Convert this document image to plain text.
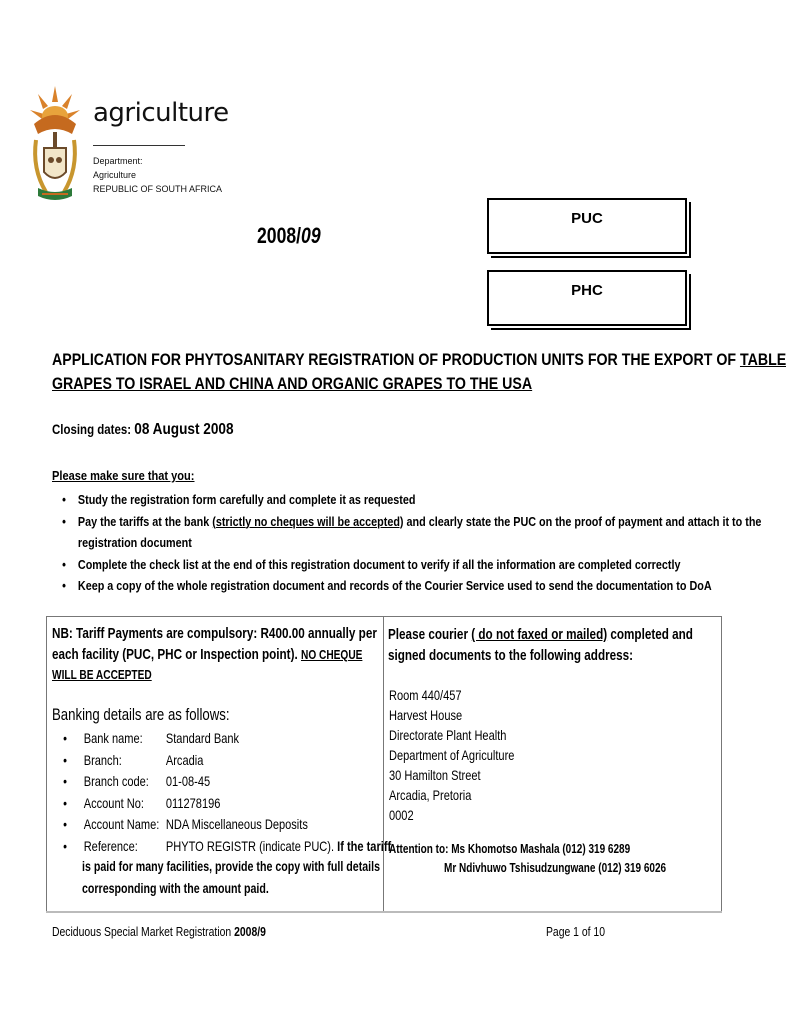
agriculture
Department:
Agriculture
REPUBLIC OF SOUTH AFRICA
2008/09
PUC
PHC
APPLICATION FOR PHYTOSANITARY REGISTRATION OF PRODUCTION UNITS FOR THE EXPORT OF TABLE
GRAPES TO ISRAEL AND CHINA AND ORGANIC GRAPES TO THE USA
Closing dates: 08 August 2008
Please make sure that you:
• Study the registration form carefully and complete it as requested
• Pay the tariffs at the bank (strictly no cheques will be accepted) and clearly state the PUC on the proof of payment and attach it to the
registration document
• Complete the check list at the end of this registration document to verify if all the information are completed correctly
• Keep a copy of the whole registration document and records of the Courier Service used to send the documentation to DoA
NB: Tariff Payments are compulsory: R400.00 annually per each facility (PUC, PHC or Inspection point). NO CHEQUE WILL BE ACCEPTED
Banking details are as follows:
• Bank name: Standard Bank
• Branch:	Arcadia
• Branch code: 01-08-45
• Account No: 011278196
• Account Name: NDA Miscellaneous Deposits
• Reference: PHYTO REGISTR (indicate PUC). If the tariff
is paid for many facilities, provide the copy with full details
corresponding with the amount paid.
Please courier ( do not faxed or mailed) completed and signed documents to the following address:
Room 440/457
Harvest House
Directorate Plant Health
Department of Agriculture
30 Hamilton Street
Arcadia, Pretoria
0002
Attention to: Ms Khomotso Mashala (012) 319 6289
Mr Ndivhuwo Tshisudzungwane (012) 319 6026
Deciduous Special Market Registration 2008/9	Page 1 of 10
